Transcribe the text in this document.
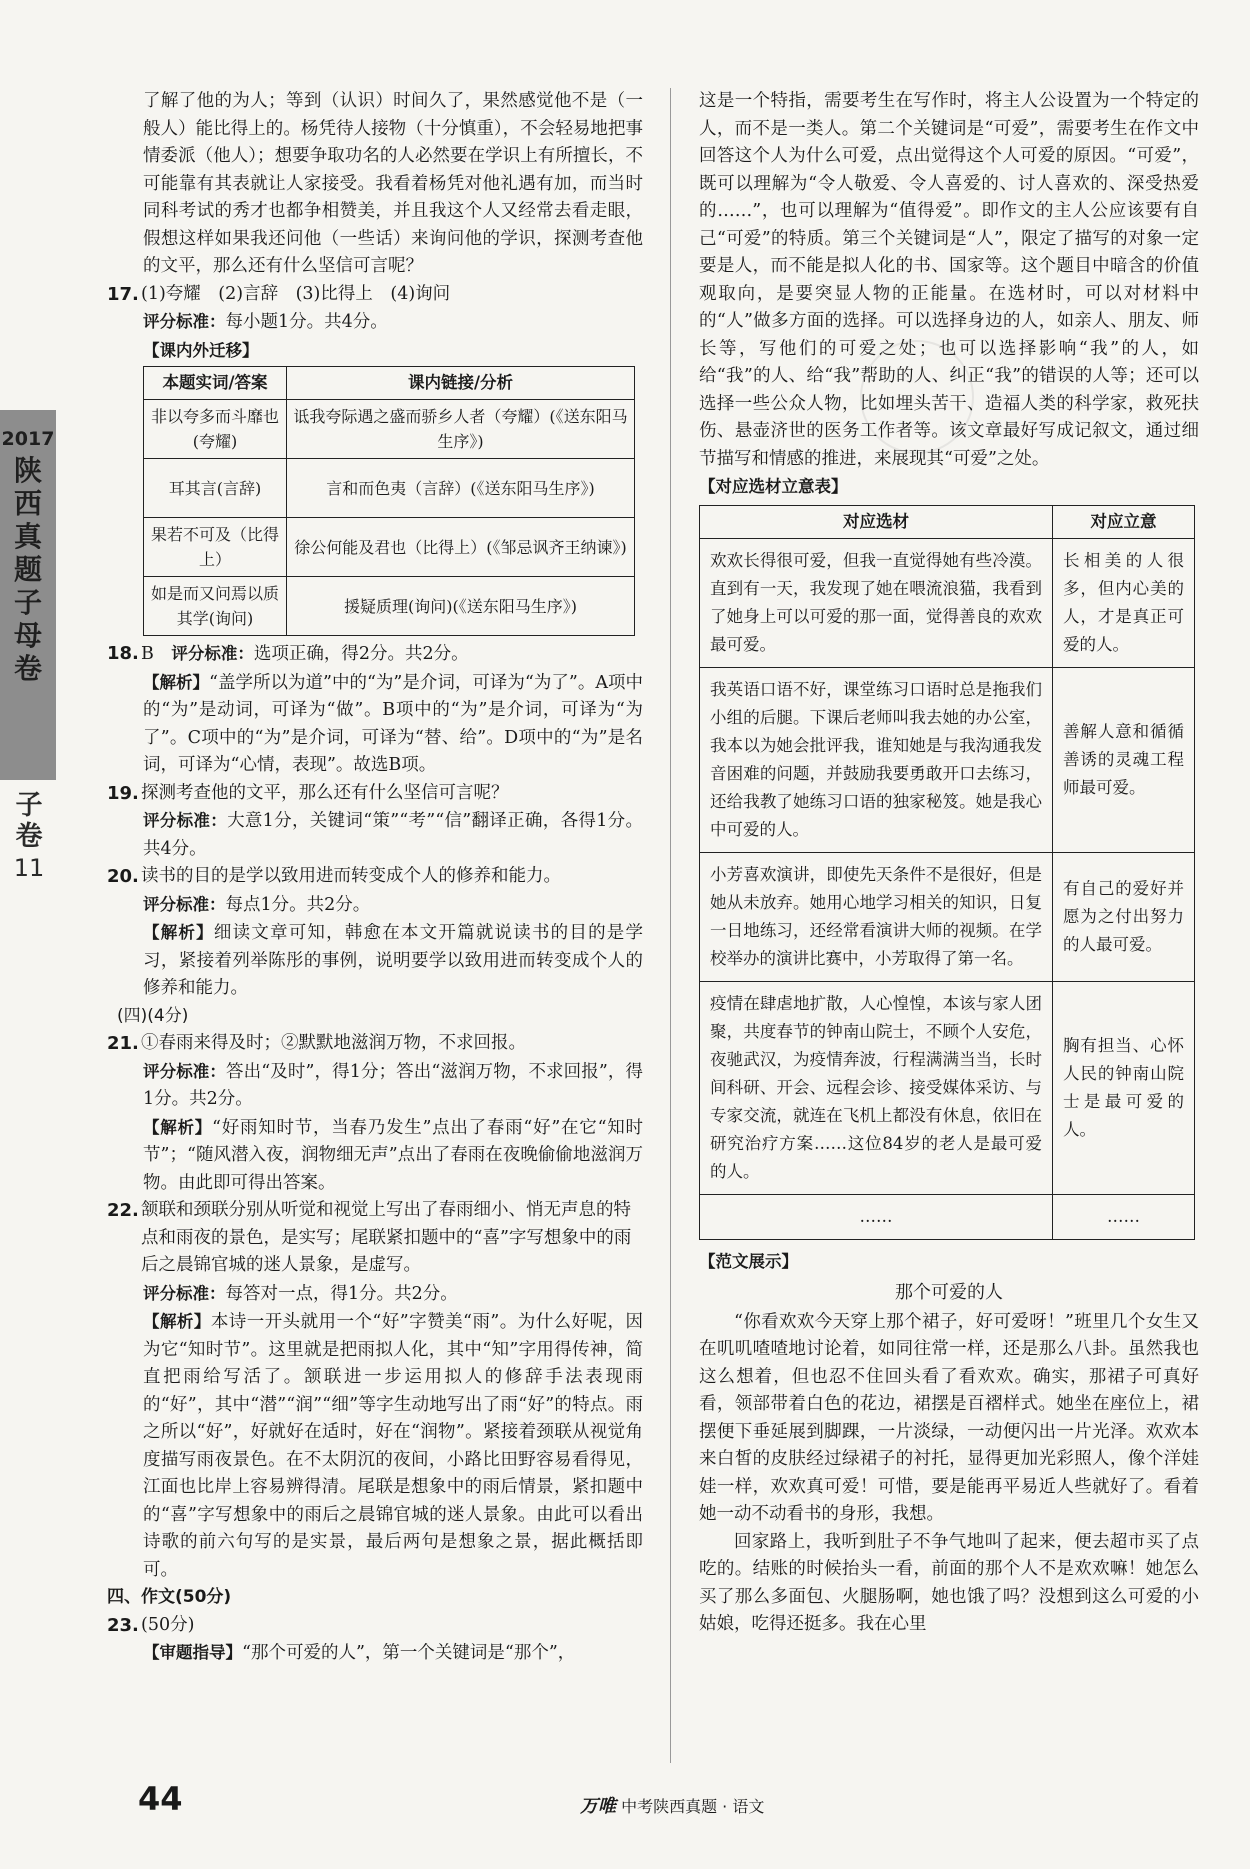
2017
陕西真题子母卷
子卷
11

了解了他的为人；等到（认识）时间久了，果然感觉他不是（一般人）能比得上的。杨凭待人接物（十分慎重），不会轻易地把事情委派（他人）；想要争取功名的人必然要在学识上有所擅长，不可能靠有其表就让人家接受。我看着杨凭对他礼遇有加，而当时同科考试的秀才也都争相赞美，并且我这个人又经常去看走眼，假想这样如果我还问他（一些话）来询问他的学识，探测考查他的文平，那么还有什么坚信可言呢？

17. (1)夸耀　(2)言辞　(3)比得上　(4)询问

评分标准：每小题1分。共4分。

【课内外迁移】

本题实词/答案	课内链接/分析
非以夸多而斗靡也(夸耀)	诋我夸际遇之盛而骄乡人者（夸耀）(《送东阳马生序》)
耳其言(言辞)	言和而色夷（言辞）(《送东阳马生序》)
果若不可及（比得上）	徐公何能及君也（比得上）(《邹忌讽齐王纳谏》)
如是而又问焉以质其学(询问)	援疑质理(询问)(《送东阳马生序》)
18. B　评分标准：选项正确，得2分。共2分。

【解析】“盖学所以为道”中的“为”是介词，可译为“为了”。A项中的“为”是动词，可译为“做”。B项中的“为”是介词，可译为“为了”。C项中的“为”是介词，可译为“替、给”。D项中的“为”是名词，可译为“心情，表现”。故选B项。

19. 探测考查他的文平，那么还有什么坚信可言呢？

评分标准：大意1分，关键词“策”“考”“信”翻译正确，各得1分。共4分。

20. 读书的目的是学以致用进而转变成个人的修养和能力。

评分标准：每点1分。共2分。

【解析】细读文章可知，韩愈在本文开篇就说读书的目的是学习，紧接着列举陈彤的事例，说明要学以致用进而转变成个人的修养和能力。

(四)(4分)

21. ①春雨来得及时；②默默地滋润万物，不求回报。

评分标准：答出“及时”，得1分；答出“滋润万物，不求回报”，得1分。共2分。

【解析】“好雨知时节，当春乃发生”点出了春雨“好”在它“知时节”；“随风潜入夜，润物细无声”点出了春雨在夜晚偷偷地滋润万物。由此即可得出答案。

22. 颔联和颈联分别从听觉和视觉上写出了春雨细小、悄无声息的特点和雨夜的景色，是实写；尾联紧扣题中的“喜”字写想象中的雨后之晨锦官城的迷人景象，是虚写。

评分标准：每答对一点，得1分。共2分。

【解析】本诗一开头就用一个“好”字赞美“雨”。为什么好呢，因为它“知时节”。这里就是把雨拟人化，其中“知”字用得传神，简直把雨给写活了。颔联进一步运用拟人的修辞手法表现雨的“好”，其中“潜”“润”“细”等字生动地写出了雨“好”的特点。雨之所以“好”，好就好在适时，好在“润物”。紧接着颈联从视觉角度描写雨夜景色。在不太阴沉的夜间，小路比田野容易看得见，江面也比岸上容易辨得清。尾联是想象中的雨后情景，紧扣题中的“喜”字写想象中的雨后之晨锦官城的迷人景象。由此可以看出诗歌的前六句写的是实景，最后两句是想象之景，据此概括即可。

四、作文(50分)

23. (50分)

【审题指导】“那个可爱的人”，第一个关键词是“那个”，

这是一个特指，需要考生在写作时，将主人公设置为一个特定的人，而不是一类人。第二个关键词是“可爱”，需要考生在作文中回答这个人为什么可爱，点出觉得这个人可爱的原因。“可爱”，既可以理解为“令人敬爱、令人喜爱的、讨人喜欢的、深受热爱的……”，也可以理解为“值得爱”。即作文的主人公应该要有自己“可爱”的特质。第三个关键词是“人”，限定了描写的对象一定要是人，而不能是拟人化的书、国家等。这个题目中暗含的价值观取向，是要突显人物的正能量。在选材时，可以对材料中的“人”做多方面的选择。可以选择身边的人，如亲人、朋友、师长等，写他们的可爱之处；也可以选择影响“我”的人，如给“我”的人、给“我”帮助的人、纠正“我”的错误的人等；还可以选择一些公众人物，比如埋头苦干、造福人类的科学家，救死扶伤、悬壶济世的医务工作者等。该文章最好写成记叙文，通过细节描写和情感的推进，来展现其“可爱”之处。

【对应选材立意表】

对应选材	对应立意
欢欢长得很可爱，但我一直觉得她有些冷漠。直到有一天，我发现了她在喂流浪猫，我看到了她身上可以可爱的那一面，觉得善良的欢欢最可爱。	长相美的人很多，但内心美的人，才是真正可爱的人。
我英语口语不好，课堂练习口语时总是拖我们小组的后腿。下课后老师叫我去她的办公室，我本以为她会批评我，谁知她是与我沟通我发音困难的问题，并鼓励我要勇敢开口去练习，还给我教了她练习口语的独家秘笈。她是我心中可爱的人。	善解人意和循循善诱的灵魂工程师最可爱。
小芳喜欢演讲，即使先天条件不是很好，但是她从未放弃。她用心地学习相关的知识，日复一日地练习，还经常看演讲大师的视频。在学校举办的演讲比赛中，小芳取得了第一名。	有自己的爱好并愿为之付出努力的人最可爱。
疫情在肆虐地扩散，人心惶惶，本该与家人团聚，共度春节的钟南山院士，不顾个人安危，夜驰武汉，为疫情奔波，行程满满当当，长时间科研、开会、远程会诊、接受媒体采访、与专家交流，就连在飞机上都没有休息，依旧在研究治疗方案……这位84岁的老人是最可爱的人。	胸有担当、心怀人民的钟南山院士是最可爱的人。
……	……

【范文展示】

那个可爱的人

“你看欢欢今天穿上那个裙子，好可爱呀！”班里几个女生又在叽叽喳喳地讨论着，如同往常一样，还是那么八卦。虽然我也这么想着，但也忍不住回头看了看欢欢。确实，那裙子可真好看，领部带着白色的花边，裙摆是百褶样式。她坐在座位上，裙摆便下垂延展到脚踝，一片淡绿，一动便闪出一片光泽。欢欢本来白皙的皮肤经过绿裙子的衬托，显得更加光彩照人，像个洋娃娃一样，欢欢真可爱！可惜，要是能再平易近人些就好了。看着她一动不动看书的身形，我想。

回家路上，我听到肚子不争气地叫了起来，便去超市买了点吃的。结账的时候抬头一看，前面的那个人不是欢欢嘛！她怎么买了那么多面包、火腿肠啊，她也饿了吗？没想到这么可爱的小姑娘，吃得还挺多。我在心里

44	万唯 中考陕西真题 · 语文
